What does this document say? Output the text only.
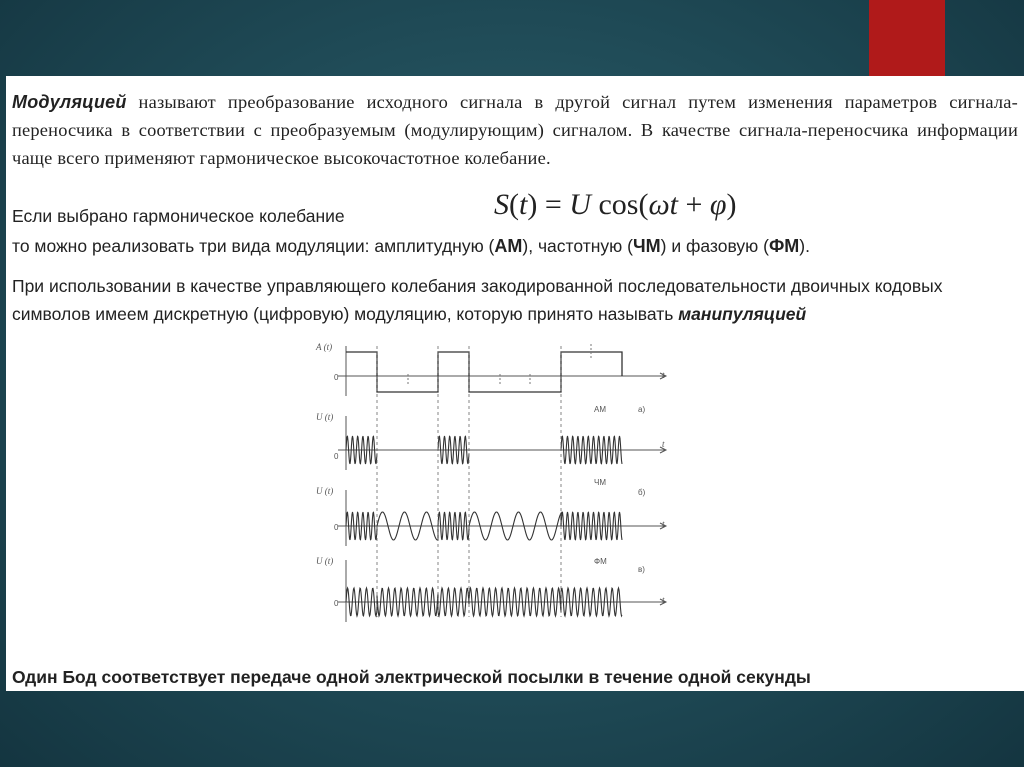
Модуляцией называют преобразование исходного сигнала в другой сигнал путем изменения параметров сигнала-переносчика в соответствии с преобразуемым (модулирующим) сигналом. В качестве сигнала-переносчика информации чаще всего применяют гармоническое высокочастотное колебание.

Если выбрано гармоническое колебание	S(t) = U cos(ωt + φ)

то можно реализовать три вида модуляции: амплитудную (АМ), частотную (ЧМ) и фазовую (ФМ).

При использовании в качестве управляющего колебания закодированной последовательности двоичных кодовых символов имеем дискретную (цифровую) модуляцию, которую принято называть манипуляцией

A (t)
0	t
U (t)
0
t
АМ	а)
U (t)
0	t
ЧМ
б)
U (t)
0	t
ФМ
в)

Один Бод соответствует передаче одной электрической посылки в течение одной секунды
